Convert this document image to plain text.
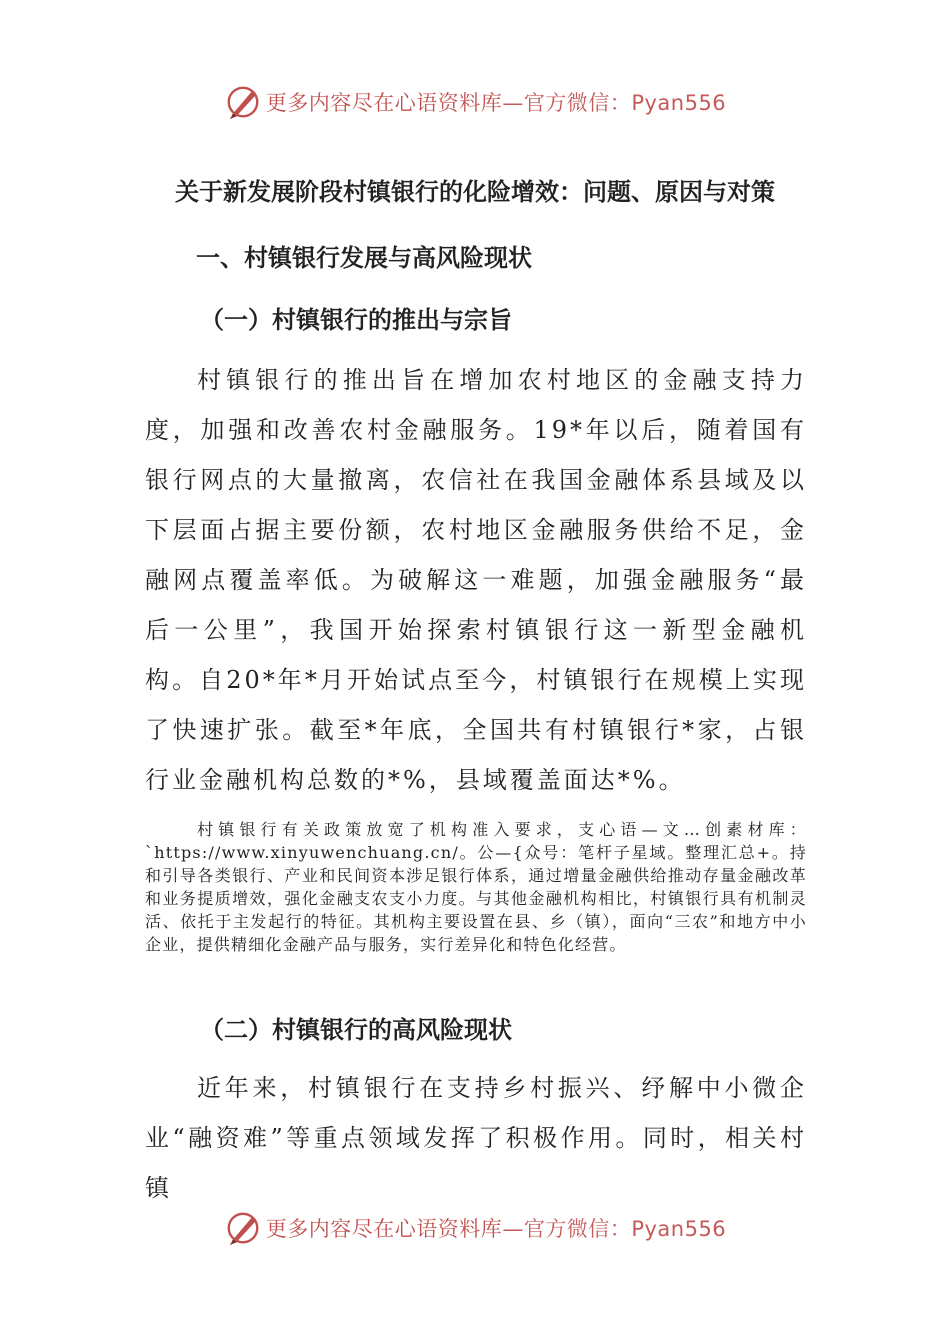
更多内容尽在心语资料库—官方微信：Pyan556
关于新发展阶段村镇银行的化险增效：问题、原因与对策
一、村镇银行发展与高风险现状
（一）村镇银行的推出与宗旨
村镇银行的推出旨在增加农村地区的金融支持力度，加强和改善农村金融服务。19*年以后，随着国有银行网点的大量撤离，农信社在我国金融体系县域及以下层面占据主要份额，农村地区金融服务供给不足，金融网点覆盖率低。为破解这一难题，加强金融服务“最后一公里”，我国开始探索村镇银行这一新型金融机构。自20*年*月开始试点至今，村镇银行在规模上实现了快速扩张。截至*年底，全国共有村镇银行*家，占银行业金融机构总数的*%，县域覆盖面达*%。
村镇银行有关政策放宽了机构准入要求，支心语—文…创素材库：`https://www.xinyuwenchuang.cn/。公—{众号：笔杆子星域。整理汇总+。持和引导各类银行、产业和民间资本涉足银行体系，通过增量金融供给推动存量金融改革和业务提质增效，强化金融支农支小力度。与其他金融机构相比，村镇银行具有机制灵活、依托于主发起行的特征。其机构主要设置在县、乡（镇），面向“三农”和地方中小企业，提供精细化金融产品与服务，实行差异化和特色化经营。
（二）村镇银行的高风险现状
近年来，村镇银行在支持乡村振兴、纾解中小微企业“融资难”等重点领域发挥了积极作用。同时，相关村镇
更多内容尽在心语资料库—官方微信：Pyan556
